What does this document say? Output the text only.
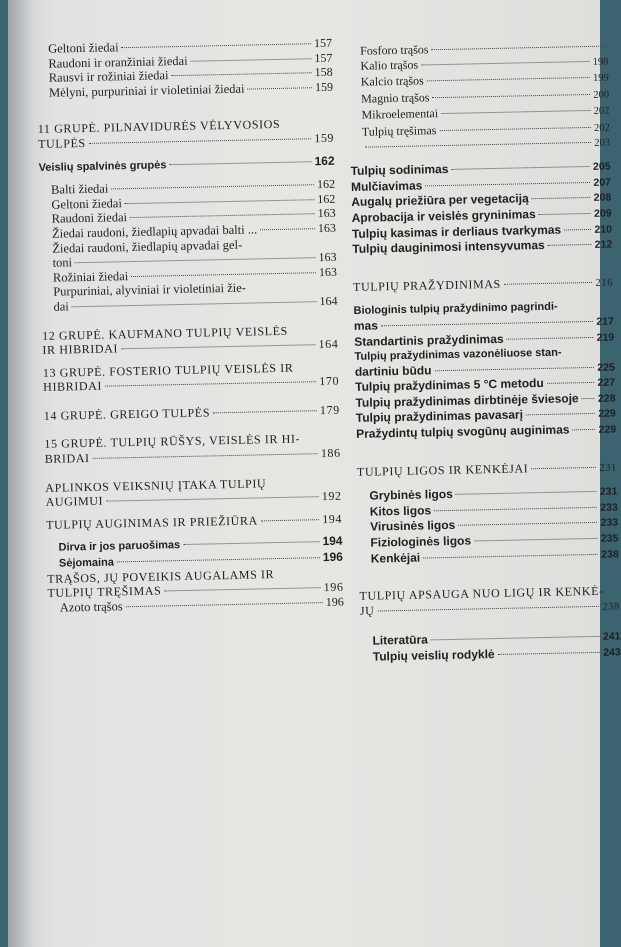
Geltoni žiedai	157
Raudoni ir oranžiniai žiedai	157
Rausvi ir rožiniai žiedai	158
Mėlyni, purpuriniai ir violetiniai žiedai	159
11 GRUPĖ. PILNAVIDURĖS VĖLYVOSIOS
TULPĖS	159
Veislių spalvinės grupės	162
Balti žiedai	162
Geltoni žiedai	162
Raudoni žiedai	163
Žiedai raudoni, žiedlapių apvadai balti ...	163
Žiedai raudoni, žiedlapių apvadai gel-
toni	163
Rožiniai žiedai	163
Purpuriniai, alyviniai ir violetiniai žie-
dai	164
12 GRUPĖ. KAUFMANO TULPIŲ VEISLĖS
IR HIBRIDAI	164
13 GRUPĖ. FOSTERIO TULPIŲ VEISLĖS IR
HIBRIDAI	170
14 GRUPĖ. GREIGO TULPĖS	179
15 GRUPĖ. TULPIŲ RŪŠYS, VEISLĖS IR HI-
BRIDAI	186
APLINKOS VEIKSNIŲ ĮTAKA TULPIŲ
AUGIMUI	192
TULPIŲ AUGINIMAS IR PRIEŽIŪRA	194
Dirva ir jos paruošimas	194
Sėjomaina	196
TRĄŠOS, JŲ POVEIKIS AUGALAMS IR
TULPIŲ TRĘŠIMAS	196
Azoto trąšos	196
Fosforo trąšos
Kalio trąšos	198
Kalcio trąšos	199
Magnio trąšos	200
Mikroelementai	202
Tulpių tręšimas	202
203
Tulpių sodinimas	205
Mulčiavimas	207
Augalų priežiūra per vegetaciją	208
Aprobacija ir veislės gryninimas	209
Tulpių kasimas ir derliaus tvarkymas	210
Tulpių dauginimosi intensyvumas	212
TULPIŲ PRAŽYDINIMAS	216
Biologinis tulpių pražydinimo pagrindi-
mas	217
Standartinis pražydinimas	219
Tulpių pražydinimas vazonėliuose stan-
dartiniu būdu	225
Tulpių pražydinimas 5 °C metodu	227
Tulpių pražydinimas dirbtinėje šviesoje 228
Tulpių pražydinimas pavasarį	229
Pražydintų tulpių svogūnų auginimas	229
TULPIŲ LIGOS IR KENKĖJAI	231
Grybinės ligos	231
Kitos ligos	233
Virusinės ligos	233
Fiziologinės ligos	235
Kenkėjai	238
TULPIŲ APSAUGA NUO LIGŲ IR KENKĖ-
JŲ	238
Literatūra	241
Tulpių veislių rodyklė	243
